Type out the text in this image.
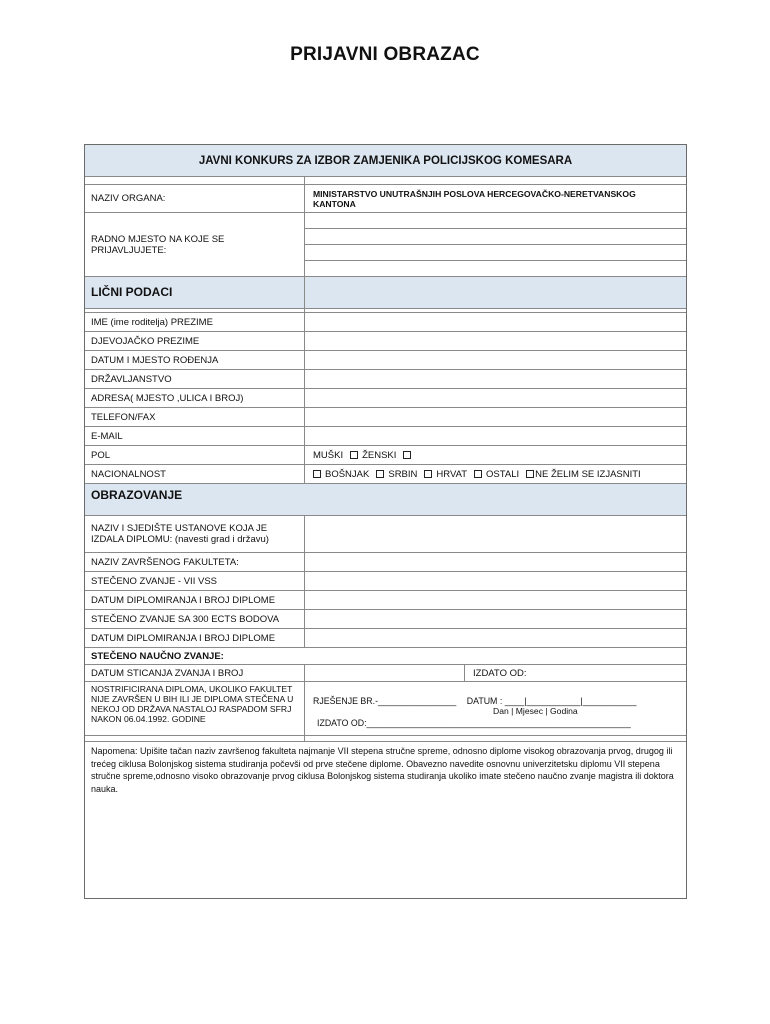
PRIJAVNI OBRAZAC
JAVNI KONKURS ZA IZBOR ZAMJENIKA POLICIJSKOG KOMESARA
NAZIV ORGANA:	MINISTARSTVO UNUTRAŠNJIH POSLOVA HERCEGOVAČKO-NERETVANSKOG KANTONA
RADNO MJESTO NA KOJE SE PRIJAVLJUJETE:
LIČNI PODACI
IME (ime roditelja) PREZIME
DJEVOJAČKO PREZIME
DATUM I MJESTO ROĐENJA
DRŽAVLJANSTVO
ADRESA( MJESTO ,ULICA I BROJ)
TELEFON/FAX
E-MAIL
POL	MUŠKI ŽENSKI
NACIONALNOST	BOŠNJAK SRBIN HRVAT OSTALI NE ŽELIM SE IZJASNITI
OBRAZOVANJE
NAZIV I SJEDIŠTE USTANOVE KOJA JE IZDALA DIPLOMU: (navesti grad i državu)
NAZIV ZAVRŠENOG FAKULTETA:
STEČENO ZVANJE - VII VSS
DATUM DIPLOMIRANJA I BROJ DIPLOME
STEČENO ZVANJE SA 300 ECTS BODOVA
DATUM DIPLOMIRANJA I BROJ DIPLOME
STEČENO NAUČNO ZVANJE:
DATUM STICANJA ZVANJA I BROJ	IZDATO OD:
NOSTRIFICIRANA DIPLOMA, UKOLIKO FAKULTET NIJE ZAVRŠEN U BIH ILI JE DIPLOMA STEČENA U NEKOJ OD DRŽAVA NASTALOJ RASPADOM SFRJ NAKON 06.04.1992. GODINE
RJEŠENJE BR.-________________ DATUM : ____|___________|___________
Dan | Mjesec | Godina
IZDATO OD:______________________________________________________
Napomena: Upišite tačan naziv završenog fakulteta najmanje VII stepena stručne spreme, odnosno diplome visokog obrazovanja prvog, drugog ili trećeg ciklusa Bolonjskog sistema studiranja počevši od prve stečene diplome. Obavezno navedite osnovnu univerzitetsku diplomu VII stepena stručne spreme,odnosno visoko obrazovanje prvog ciklusa Bolonjskog sistema studiranja ukoliko imate stečeno naučno zvanje magistra ili doktora nauka.
